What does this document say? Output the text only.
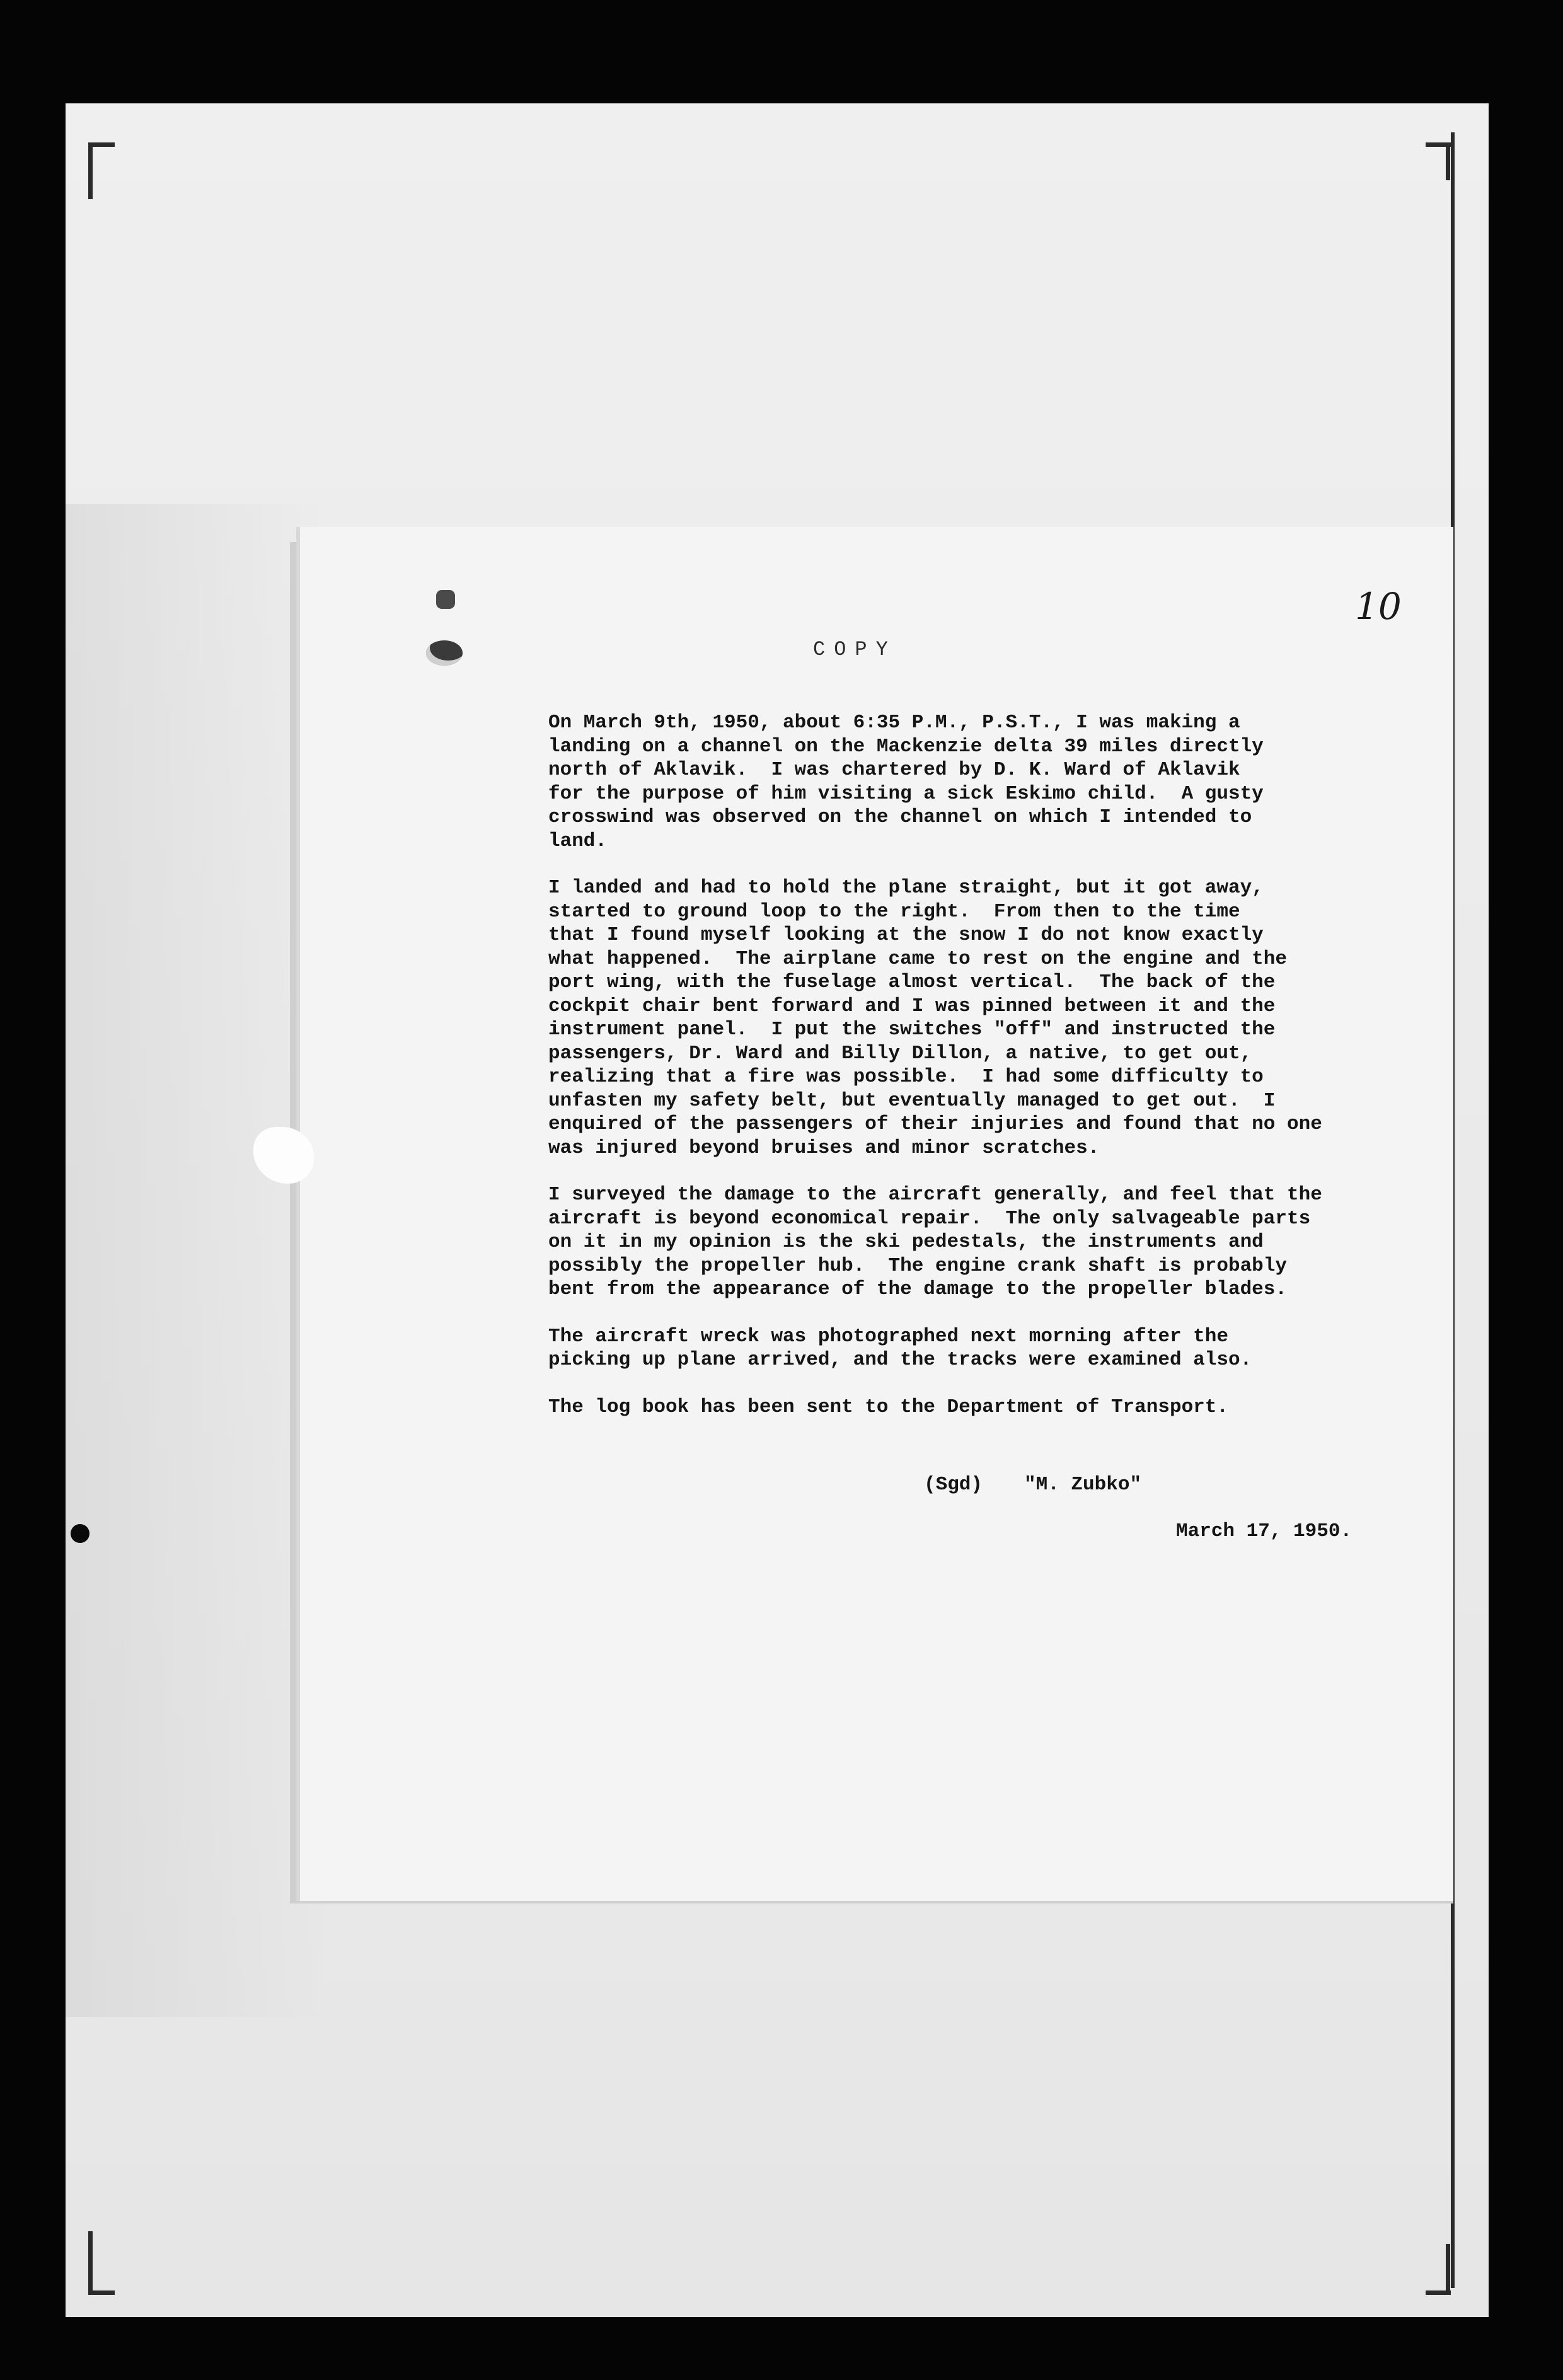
10
COPY

On March 9th, 1950, about 6:35 P.M., P.S.T., I was making a
landing on a channel on the Mackenzie delta 39 miles directly
north of Aklavik.  I was chartered by D. K. Ward of Aklavik
for the purpose of him visiting a sick Eskimo child.  A gusty
crosswind was observed on the channel on which I intended to
land.

I landed and had to hold the plane straight, but it got away,
started to ground loop to the right.  From then to the time
that I found myself looking at the snow I do not know exactly
what happened.  The airplane came to rest on the engine and the
port wing, with the fuselage almost vertical.  The back of the
cockpit chair bent forward and I was pinned between it and the
instrument panel.  I put the switches "off" and instructed the
passengers, Dr. Ward and Billy Dillon, a native, to get out,
realizing that a fire was possible.  I had some difficulty to
unfasten my safety belt, but eventually managed to get out.  I
enquired of the passengers of their injuries and found that no one
was injured beyond bruises and minor scratches.

I surveyed the damage to the aircraft generally, and feel that the
aircraft is beyond economical repair.  The only salvageable parts
on it in my opinion is the ski pedestals, the instruments and
possibly the propeller hub.  The engine crank shaft is probably
bent from the appearance of the damage to the propeller blades.

The aircraft wreck was photographed next morning after the
picking up plane arrived, and the tracks were examined also.

The log book has been sent to the Department of Transport.

(Sgd) "M. Zubko"
March 17, 1950.
